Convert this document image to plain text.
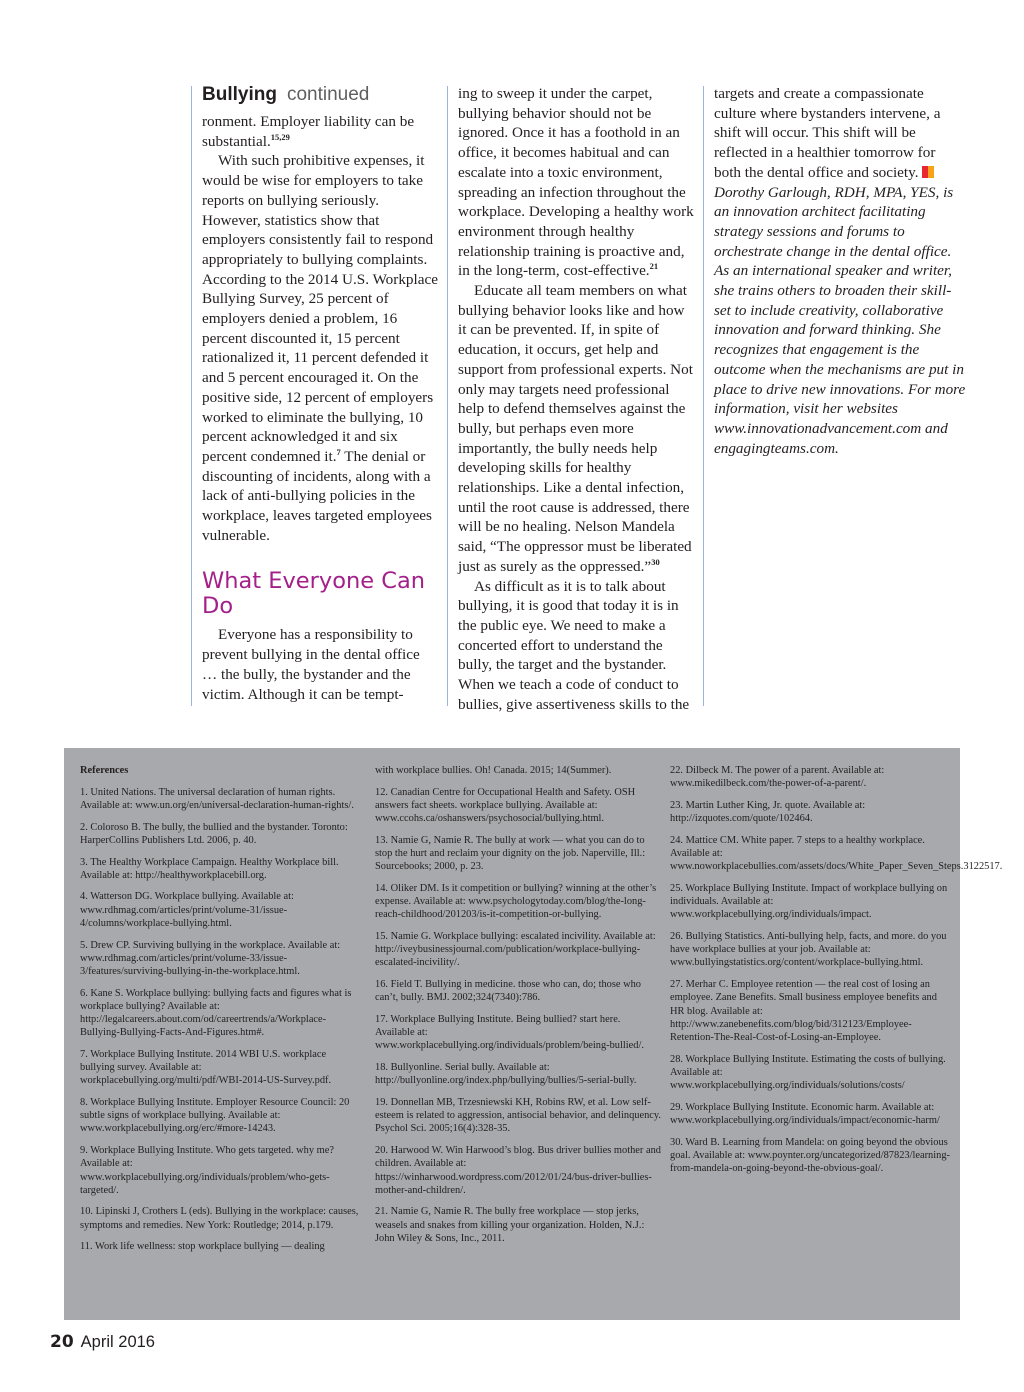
Bullying continued

ronment. Employer liability can be substantial.$^{15,29}$

With such prohibitive expenses, it would be wise for employers to take reports on bullying seriously. However, statistics show that employers consistently fail to respond appropriately to bullying complaints. According to the 2014 U.S. Workplace Bullying Survey, 25 percent of employers denied a problem, 16 percent discounted it, 15 percent rationalized it, 11 percent defended it and 5 percent encouraged it. On the positive side, 12 percent of employers worked to eliminate the bullying, 10 percent acknowledged it and six percent condemned it.$^7$ The denial or discounting of incidents, along with a lack of anti-bullying policies in the workplace, leaves targeted employees vulnerable.

What Everyone Can Do

Everyone has a responsibility to prevent bullying in the dental office … the bully, the bystander and the victim. Although it can be tempt-

ing to sweep it under the carpet, bullying behavior should not be ignored. Once it has a foothold in an office, it becomes habitual and can escalate into a toxic environment, spreading an infection throughout the workplace. Developing a healthy work environment through healthy relationship training is proactive and, in the long-term, cost-effective.$^{21}$

Educate all team members on what bullying behavior looks like and how it can be prevented. If, in spite of education, it occurs, get help and support from professional experts. Not only may targets need professional help to defend themselves against the bully, but perhaps even more importantly, the bully needs help developing skills for healthy relationships. Like a dental infection, until the root cause is addressed, there will be no healing. Nelson Mandela said, “The oppressor must be liberated just as surely as the oppressed.”$^{30}$

As difficult as it is to talk about bullying, it is good that today it is in the public eye. We need to make a concerted effort to understand the bully, the target and the bystander. When we teach a code of conduct to bullies, give assertiveness skills to the

targets and create a compassionate culture where bystanders intervene, a shift will occur. This shift will be reflected in a healthier tomorrow for both the dental office and society.

Dorothy Garlough, RDH, MPA, YES, is an innovation architect facilitating strategy sessions and forums to orchestrate change in the dental office. As an international speaker and writer, she trains others to broaden their skill-set to include creativity, collaborative innovation and forward thinking. She recognizes that engagement is the outcome when the mechanisms are put in place to drive new innovations. For more information, visit her websites www.innovationadvancement.com and engagingteams.com.

References

1. United Nations. The universal declaration of human rights. Available at: www.un.org/en/universal-declaration-human-rights/.

2. Coloroso B. The bully, the bullied and the bystander. Toronto: HarperCollins Publishers Ltd. 2006, p. 40.

3. The Healthy Workplace Campaign. Healthy Workplace bill. Available at: http://healthyworkplacebill.org.

4. Watterson DG. Workplace bullying. Available at: www.rdhmag.com/articles/print/volume-31/issue-4/columns/workplace-bullying.html.

5. Drew CP. Surviving bullying in the workplace. Available at: www.rdhmag.com/articles/print/volume-33/issue-3/features/surviving-bullying-in-the-workplace.html.

6. Kane S. Workplace bullying: bullying facts and figures what is workplace bullying? Available at: http://legalcareers.about.com/od/careertrends/a/Workplace-Bullying-Bullying-Facts-And-Figures.htm#.

7. Workplace Bullying Institute. 2014 WBI U.S. workplace bullying survey. Available at: workplacebullying.org/multi/pdf/WBI-2014-US-Survey.pdf.

8. Workplace Bullying Institute. Employer Resource Council: 20 subtle signs of workplace bullying. Available at: www.workplacebullying.org/erc/#more-14243.

9. Workplace Bullying Institute. Who gets targeted. why me? Available at: www.workplacebullying.org/individuals/problem/who-gets-targeted/.

10. Lipinski J, Crothers L (eds). Bullying in the workplace: causes, symptoms and remedies. New York: Routledge; 2014, p.179.

11. Work life wellness: stop workplace bullying — dealing

with workplace bullies. Oh! Canada. 2015; 14(Summer).

12. Canadian Centre for Occupational Health and Safety. OSH answers fact sheets. workplace bullying. Available at: www.ccohs.ca/oshanswers/psychosocial/bullying.html.

13. Namie G, Namie R. The bully at work — what you can do to stop the hurt and reclaim your dignity on the job. Naperville, Ill.: Sourcebooks; 2000, p. 23.

14. Oliker DM. Is it competition or bullying? winning at the other’s expense. Available at: www.psychologytoday.com/blog/the-long-reach-childhood/201203/is-it-competition-or-bullying.

15. Namie G. Workplace bullying: escalated incivility. Available at: http://iveybusinessjournal.com/publication/workplace-bullying-escalated-incivility/.

16. Field T. Bullying in medicine. those who can, do; those who can’t, bully. BMJ. 2002;324(7340):786.

17. Workplace Bullying Institute. Being bullied? start here. Available at: www.workplacebullying.org/individuals/problem/being-bullied/.

18. Bullyonline. Serial bully. Available at: http://bullyonline.org/index.php/bullying/bullies/5-serial-bully.

19. Donnellan MB, Trzesniewski KH, Robins RW, et al. Low self-esteem is related to aggression, antisocial behavior, and delinquency. Psychol Sci. 2005;16(4):328-35.

20. Harwood W. Win Harwood’s blog. Bus driver bullies mother and children. Available at: https://winharwood.wordpress.com/2012/01/24/bus-driver-bullies-mother-and-children/.

21. Namie G, Namie R. The bully free workplace — stop jerks, weasels and snakes from killing your organization. Holden, N.J.: John Wiley & Sons, Inc., 2011.

22. Dilbeck M. The power of a parent. Available at: www.mikedilbeck.com/the-power-of-a-parent/.

23. Martin Luther King, Jr. quote. Available at: http://izquotes.com/quote/102464.

24. Mattice CM. White paper. 7 steps to a healthy workplace. Available at: www.noworkplacebullies.com/assets/docs/White_Paper_Seven_Steps.3122517.

25. Workplace Bullying Institute. Impact of workplace bullying on individuals. Available at: www.workplacebullying.org/individuals/impact.

26. Bullying Statistics. Anti-bullying help, facts, and more. do you have workplace bullies at your job. Available at: www.bullyingstatistics.org/content/workplace-bullying.html.

27. Merhar C. Employee retention — the real cost of losing an employee. Zane Benefits. Small business employee benefits and HR blog. Available at: http://www.zanebenefits.com/blog/bid/312123/Employee-Retention-The-Real-Cost-of-Losing-an-Employee.

28. Workplace Bullying Institute. Estimating the costs of bullying. Available at: www.workplacebullying.org/individuals/solutions/costs/

29. Workplace Bullying Institute. Economic harm. Available at: www.workplacebullying.org/individuals/impact/economic-harm/

30. Ward B. Learning from Mandela: on going beyond the obvious goal. Available at: www.poynter.org/uncategorized/87823/learning-from-mandela-on-going-beyond-the-obvious-goal/.

20 April 2016
